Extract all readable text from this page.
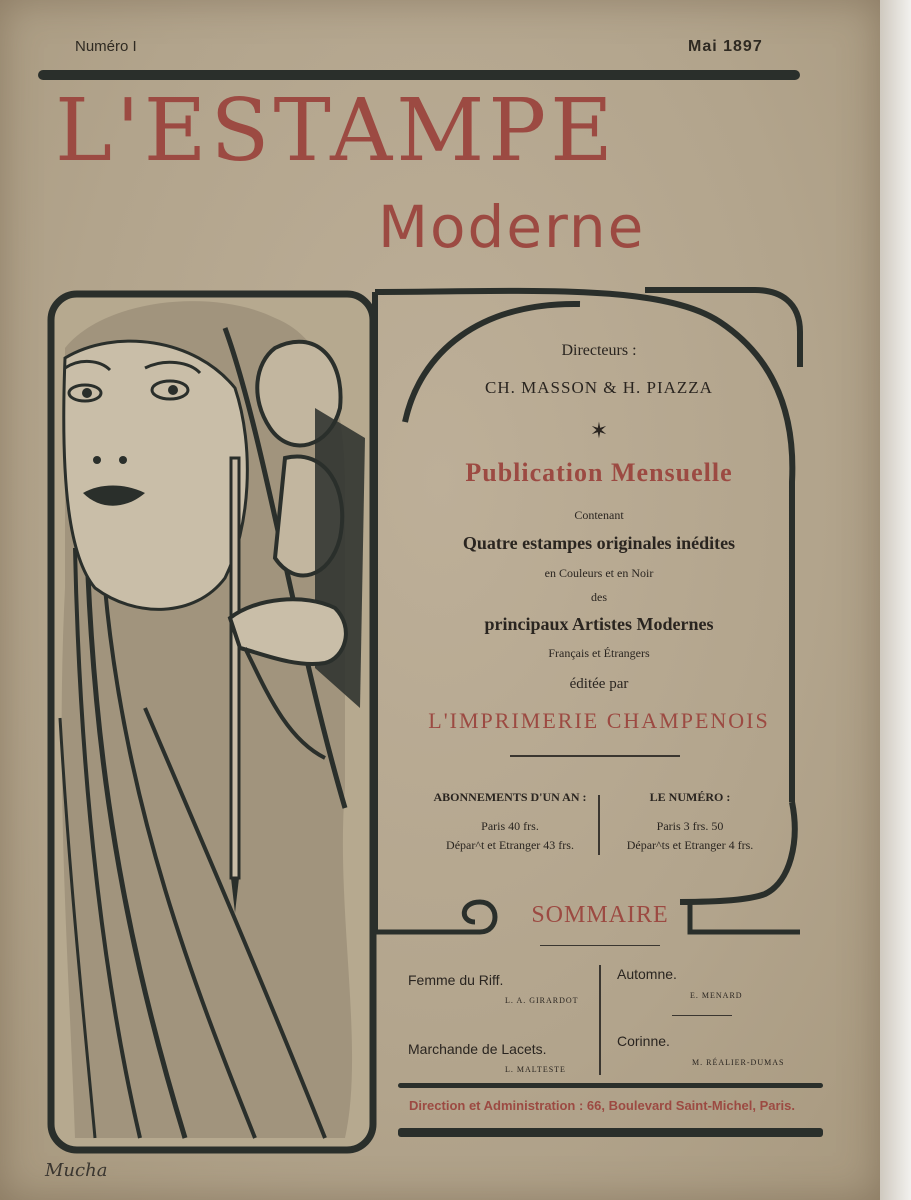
Numéro I	Mai 1897
L'ESTAMPE
Moderne
Directeurs :
CH. MASSON & H. PIAZZA
✶
Publication Mensuelle
Contenant
Quatre estampes originales inédites
en Couleurs et en Noir
des
principaux Artistes Modernes
Français et Étrangers
éditée par
L'IMPRIMERIE CHAMPENOIS
ABONNEMENTS D'UN AN :
Paris 40 frs.
Dépar^t et Etranger 43 frs.
LE NUMÉRO :
Paris 3 frs. 50
Dépar^ts et Etranger 4 frs.
SOMMAIRE
Femme du Riff.
L. A. GIRARDOT
Automne.
E. MENARD
Marchande de Lacets.
L. MALTESTE
Corinne.
M. RÉALIER-DUMAS
Direction et Administration : 66, Boulevard Saint-Michel, Paris.
Mucha
